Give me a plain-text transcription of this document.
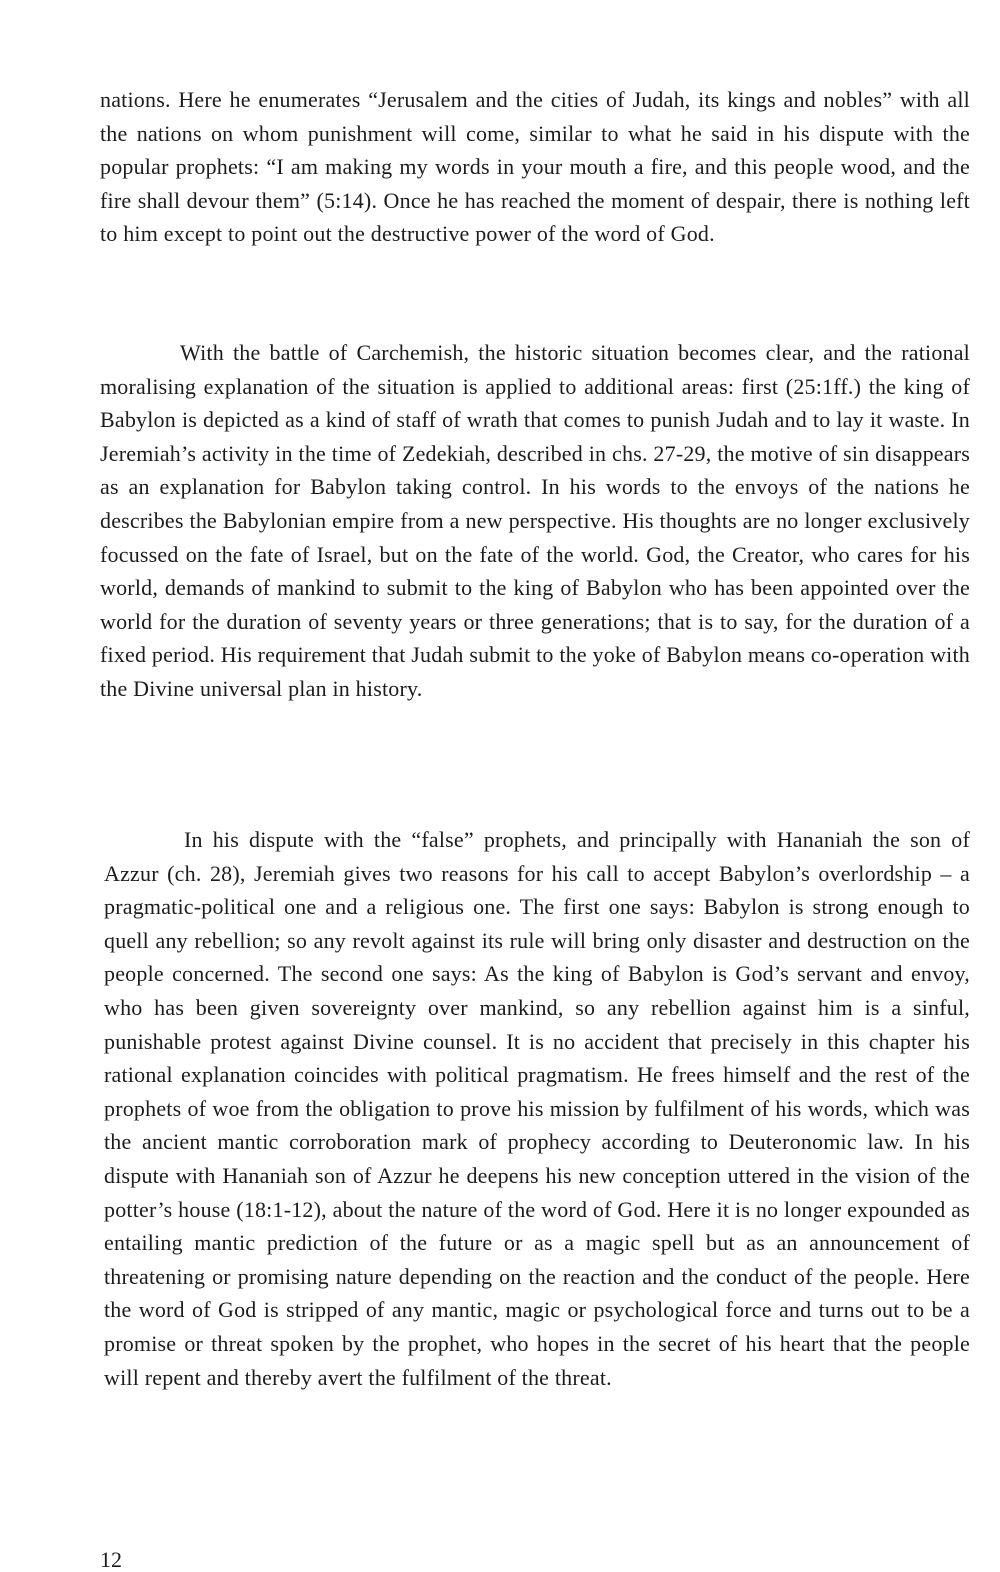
nations. Here he enumerates “Jerusalem and the cities of Judah, its kings and nobles” with all the nations on whom punishment will come, similar to what he said in his dispute with the popular prophets: “I am making my words in your mouth a fire, and this people wood, and the fire shall devour them” (5:14). Once he has reached the moment of despair, there is nothing left to him except to point out the destructive power of the word of God.

With the battle of Carchemish, the historic situation becomes clear, and the rational moralising explanation of the situation is applied to additional areas: first (25:1ff.) the king of Babylon is depicted as a kind of staff of wrath that comes to punish Judah and to lay it waste. In Jeremiah’s activity in the time of Zedekiah, described in chs. 27-29, the motive of sin disappears as an explanation for Babylon taking control. In his words to the envoys of the nations he describes the Babylonian empire from a new perspective. His thoughts are no longer exclusively focussed on the fate of Israel, but on the fate of the world. God, the Creator, who cares for his world, demands of mankind to submit to the king of Babylon who has been appointed over the world for the duration of seventy years or three generations; that is to say, for the duration of a fixed period. His requirement that Judah submit to the yoke of Babylon means co-operation with the Divine universal plan in history.

In his dispute with the “false” prophets, and principally with Hananiah the son of Azzur (ch. 28), Jeremiah gives two reasons for his call to accept Babylon’s overlordship – a pragmatic-political one and a religious one. The first one says: Babylon is strong enough to quell any rebellion; so any revolt against its rule will bring only disaster and destruction on the people concerned. The second one says: As the king of Babylon is God’s servant and envoy, who has been given sovereignty over mankind, so any rebellion against him is a sinful, punishable protest against Divine counsel. It is no accident that precisely in this chapter his rational explanation coincides with political pragmatism. He frees himself and the rest of the prophets of woe from the obligation to prove his mission by fulfilment of his words, which was the ancient mantic corroboration mark of prophecy according to Deuteronomic law. In his dispute with Hananiah son of Azzur he deepens his new conception uttered in the vision of the potter’s house (18:1-12), about the nature of the word of God. Here it is no longer expounded as entailing mantic prediction of the future or as a magic spell but as an announcement of threatening or promising nature depending on the reaction and the conduct of the people. Here the word of God is stripped of any mantic, magic or psychological force and turns out to be a promise or threat spoken by the prophet, who hopes in the secret of his heart that the people will repent and thereby avert the fulfilment of the threat.

12
